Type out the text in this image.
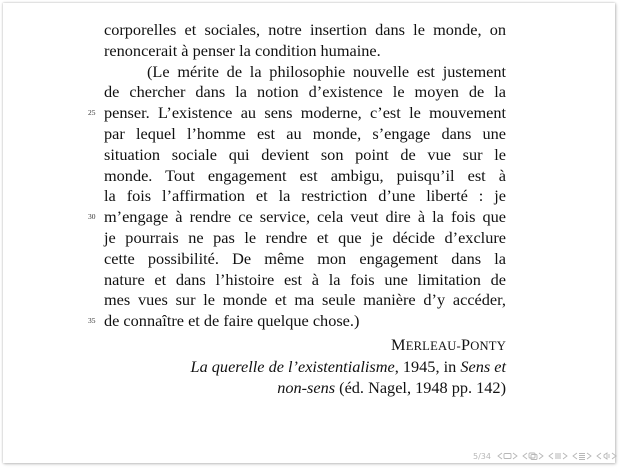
corporelles et sociales, notre insertion dans le monde, on
renoncerait à penser la condition humaine.
(Le mérite de la philosophie nouvelle est justement
de chercher dans la notion d’existence le moyen de la
25 penser. L’existence au sens moderne, c’est le mouvement
par lequel l’homme est au monde, s’engage dans une
situation sociale qui devient son point de vue sur le
monde. Tout engagement est ambigu, puisqu’il est à
la fois l’affirmation et la restriction d’une liberté : je
30 m’engage à rendre ce service, cela veut dire à la fois que
je pourrais ne pas le rendre et que je décide d’exclure
cette possibilité. De même mon engagement dans la
nature et dans l’histoire est à la fois une limitation de
mes vues sur le monde et ma seule manière d’y accéder,
35 de connaître et de faire quelque chose.)
MERLEAU-PONTY
La querelle de l’existentialisme, 1945, in Sens et
non-sens (éd. Nagel, 1948 pp. 142)
5/34
